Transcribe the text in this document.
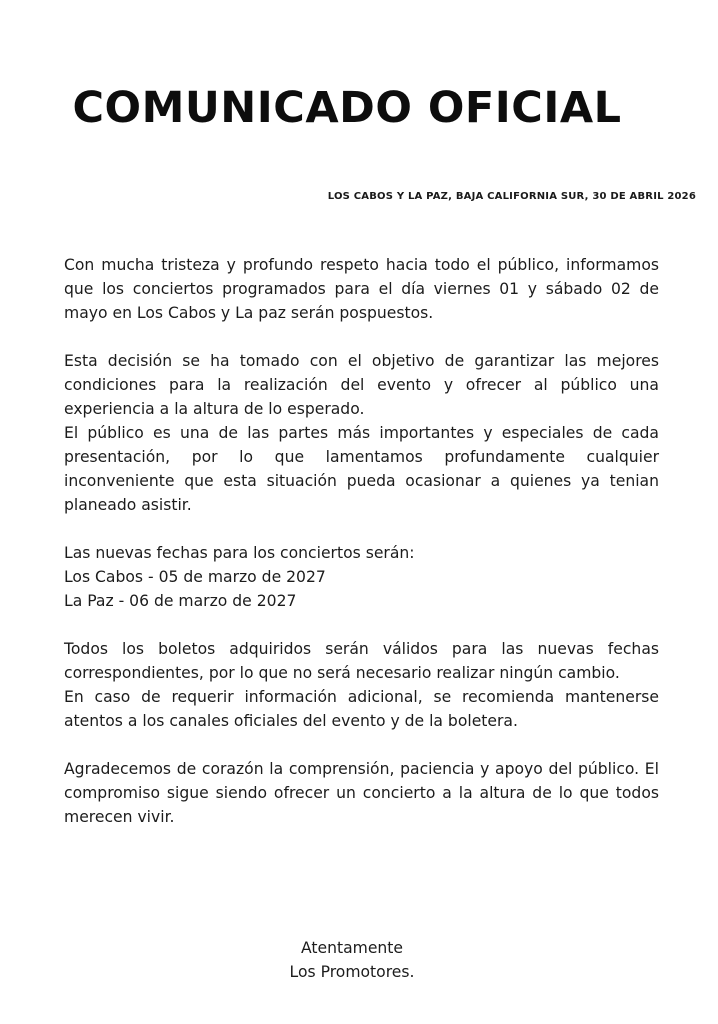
COMUNICADO OFICIAL
LOS CABOS Y LA PAZ, BAJA CALIFORNIA SUR, 30 DE ABRIL 2026

Con mucha tristeza y profundo respeto hacia todo el público, informamos que los conciertos programados para el día viernes 01 y sábado 02 de mayo en Los Cabos y La paz serán pospuestos.

Esta decisión se ha tomado con el objetivo de garantizar las mejores condiciones para la realización del evento y ofrecer al público una experiencia a la altura de lo esperado.

El público es una de las partes más importantes y especiales de cada presentación, por lo que lamentamos profundamente cualquier inconveniente que esta situación pueda ocasionar a quienes ya tenian planeado asistir.

Las nuevas fechas para los conciertos serán:

Los Cabos - 05 de marzo de 2027

La Paz - 06 de marzo de 2027

Todos los boletos adquiridos serán válidos para las nuevas fechas correspondientes, por lo que no será necesario realizar ningún cambio.

En caso de requerir información adicional, se recomienda mantenerse atentos a los canales oficiales del evento y de la boletera.

Agradecemos de corazón la comprensión, paciencia y apoyo del público. El compromiso sigue siendo ofrecer un concierto a la altura de lo que todos merecen vivir.

Atentamente
Los Promotores.
